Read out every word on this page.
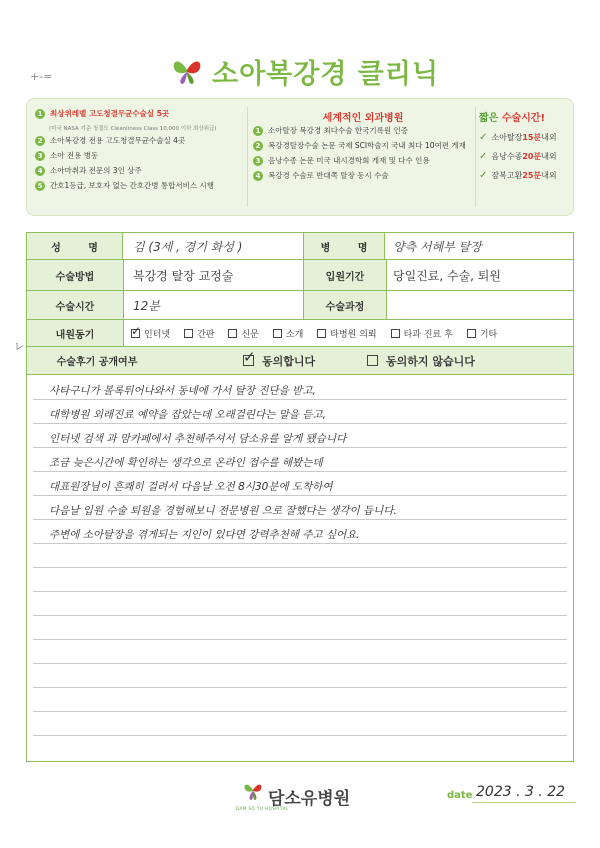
+-=	소아복강경 클리닉
1	최상위레벨 고도청결무균수술실 5곳
(미국 NASA 기준 청결도 Cleanliness Class 10,000 이하 최상위급)
2	소아복강경 전용 고도청결무균수술실 4곳
3	소아 전용 병동
4	소아마취과 전문의 3인 상주
5	간호1등급, 보호자 없는 간호간병 통합서비스 시행
세계적인 외과병원
1	소아탈장 복강경 최다수술 한국기록원 인증
2	복강경탈장수술 논문 국제 SCI학술지 국내 최다 10여편 게재
3	음낭수종 논문 미국 내시경학회 게재 및 다수 인용
4	복강경 수술로 반대쪽 탈장 동시 수술
짧은 수술시간!
✓ 소아탈장 15분 내외
✓ 음낭수종 20분 내외
✓ 잠복고환 25분 내외
レ
성 명	김 (3세 , 경기 화성 )	병 명	양측 서혜부 탈장
수술방법	복강경 탈장 교정술	입원기간	당일진료, 수술, 퇴원
수술시간	12분	수술과정
내원동기 ✓	인터넷	간판	신문	소개	타병원 의뢰	타과 진료 후	기타
수술후기 공개여부 ✓	동의합니다	동의하지 않습니다
사타구니가 볼록튀어나와서 동네에 가서 탈장 진단을 받고,
대학병원 외래진료 예약을 잡았는데 오래걸린다는 말을 듣고,
인터넷 검색 과 맘카페에서 추천해주셔서 담소유를 알게 됐습니다
조금 늦은시간에 확인하는 생각으로 온라인 접수를 해봤는데
대표원장님이 흔쾌히 걸려서 다음날 오전 8시30분에 도착하여
다음날 입원 수술 퇴원을 경험해보니 전문병원 으로 잘했다는 생각이 듭니다.
주변에 소아탈장을 겪게되는 지인이 있다면 강력추천해 주고 싶어요.
DAM SO YU HOSPITAL
담소유병원	date 2023 . 3 . 22
